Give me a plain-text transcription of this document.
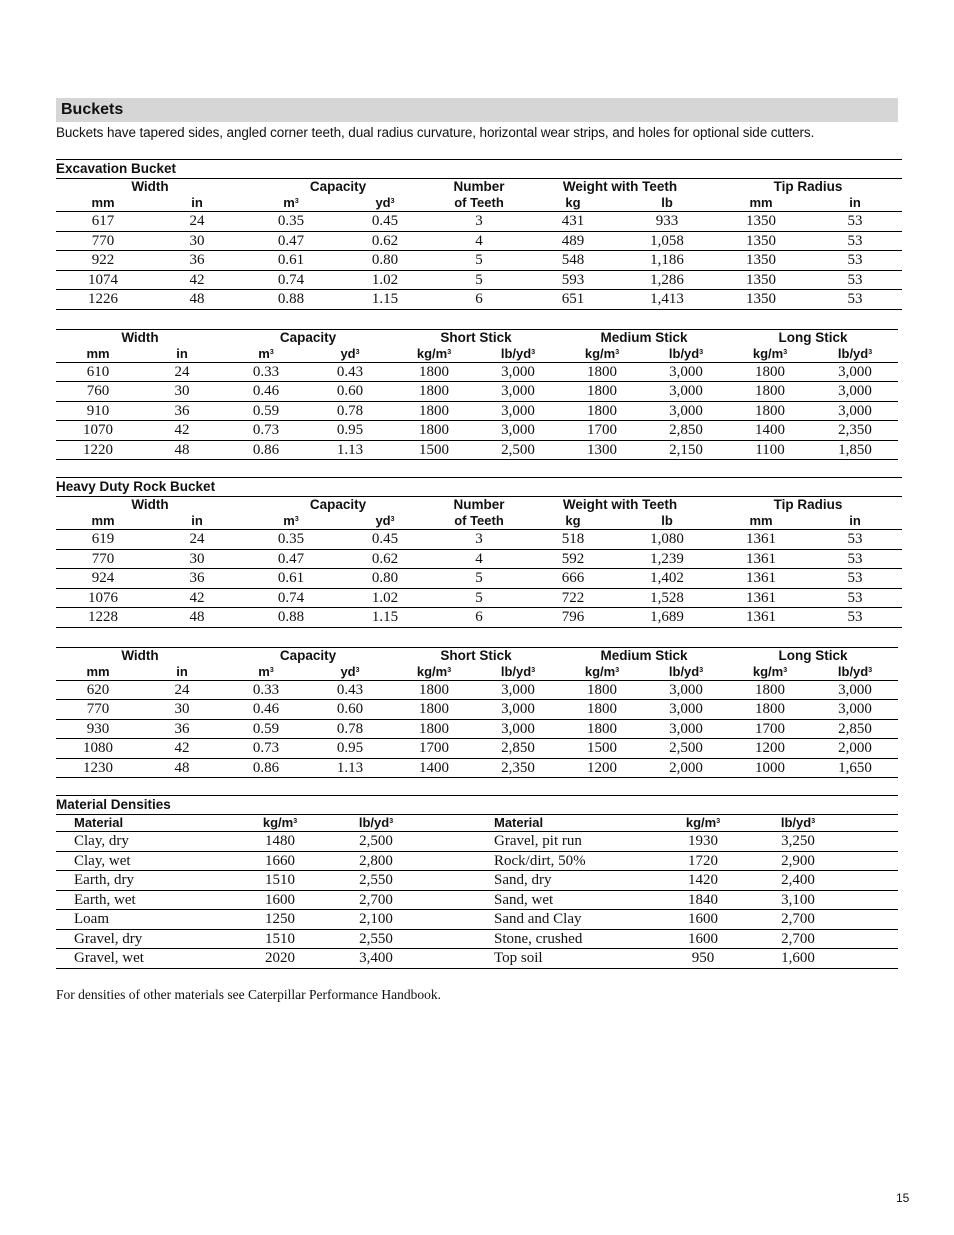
Buckets
Buckets have tapered sides, angled corner teeth, dual radius curvature, horizontal wear strips, and holes for optional side cutters.
Excavation Bucket								
Width		Capacity		Number	Weight with Teeth		Tip Radius	
mm	in	$m^3$	$yd^3$	of Teeth	kg	lb	mm	in
617	24	0.35	0.45	3	431	933	1350	53
770	30	0.47	0.62	4	489	1,058	1350	53
922	36	0.61	0.80	5	548	1,186	1350	53
1074	42	0.74	1.02	5	593	1,286	1350	53
1226	48	0.88	1.15	6	651	1,413	1350	53
Width		Capacity		Short Stick		Medium Stick		Long Stick	
mm	in	$m^3$	$yd^3$	$kg/m^3$	$lb/yd^3$	$kg/m^3$	$lb/yd^3$	$kg/m^3$	$lb/yd^3$
610	24	0.33	0.43	1800	3,000	1800	3,000	1800	3,000
760	30	0.46	0.60	1800	3,000	1800	3,000	1800	3,000
910	36	0.59	0.78	1800	3,000	1800	3,000	1800	3,000
1070	42	0.73	0.95	1800	3,000	1700	2,850	1400	2,350
1220	48	0.86	1.13	1500	2,500	1300	2,150	1100	1,850
Heavy Duty Rock Bucket								
Width		Capacity		Number	Weight with Teeth		Tip Radius	
mm	in	$m^3$	$yd^3$	of Teeth	kg	lb	mm	in
619	24	0.35	0.45	3	518	1,080	1361	53
770	30	0.47	0.62	4	592	1,239	1361	53
924	36	0.61	0.80	5	666	1,402	1361	53
1076	42	0.74	1.02	5	722	1,528	1361	53
1228	48	0.88	1.15	6	796	1,689	1361	53
Width		Capacity		Short Stick		Medium Stick		Long Stick	
mm	in	$m^3$	$yd^3$	$kg/m^3$	$lb/yd^3$	$kg/m^3$	$lb/yd^3$	$kg/m^3$	$lb/yd^3$
620	24	0.33	0.43	1800	3,000	1800	3,000	1800	3,000
770	30	0.46	0.60	1800	3,000	1800	3,000	1800	3,000
930	36	0.59	0.78	1800	3,000	1800	3,000	1700	2,850
1080	42	0.73	0.95	1700	2,850	1500	2,500	1200	2,000
1230	48	0.86	1.13	1400	2,350	1200	2,000	1000	1,650
Material Densities							
Material	$kg/m^3$	$lb/yd^3$		Material	$kg/m^3$	$lb/yd^3$	
Clay, dry	1480	2,500		Gravel, pit run	1930	3,250	
Clay, wet	1660	2,800		Rock/dirt, 50%	1720	2,900	
Earth, dry	1510	2,550		Sand, dry	1420	2,400	
Earth, wet	1600	2,700		Sand, wet	1840	3,100	
Loam	1250	2,100		Sand and Clay	1600	2,700	
Gravel, dry	1510	2,550		Stone, crushed	1600	2,700	
Gravel, wet	2020	3,400		Top soil	950	1,600	
For densities of other materials see Caterpillar Performance Handbook.
15
